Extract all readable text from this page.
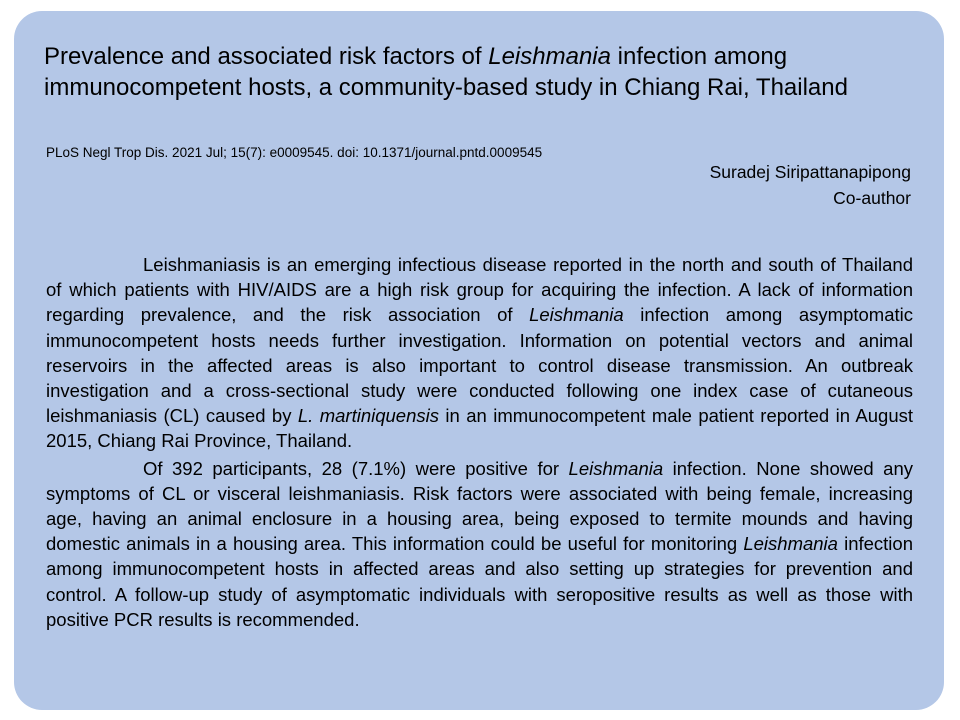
Prevalence and associated risk factors of Leishmania infection among immunocompetent hosts, a community-based study in Chiang Rai, Thailand
PLoS Negl Trop Dis. 2021 Jul; 15(7): e0009545. doi: 10.1371/journal.pntd.0009545
Suradej Siripattanapipong
Co-author

Leishmaniasis is an emerging infectious disease reported in the north and south of Thailand of which patients with HIV/AIDS are a high risk group for acquiring the infection. A lack of information regarding prevalence, and the risk association of Leishmania infection among asymptomatic immunocompetent hosts needs further investigation. Information on potential vectors and animal reservoirs in the affected areas is also important to control disease transmission. An outbreak investigation and a cross-sectional study were conducted following one index case of cutaneous leishmaniasis (CL) caused by L. martiniquensis in an immunocompetent male patient reported in August 2015, Chiang Rai Province, Thailand.

Of 392 participants, 28 (7.1%) were positive for Leishmania infection. None showed any symptoms of CL or visceral leishmaniasis. Risk factors were associated with being female, increasing age, having an animal enclosure in a housing area, being exposed to termite mounds and having domestic animals in a housing area. This information could be useful for monitoring Leishmania infection among immunocompetent hosts in affected areas and also setting up strategies for prevention and control. A follow-up study of asymptomatic individuals with seropositive results as well as those with positive PCR results is recommended.
